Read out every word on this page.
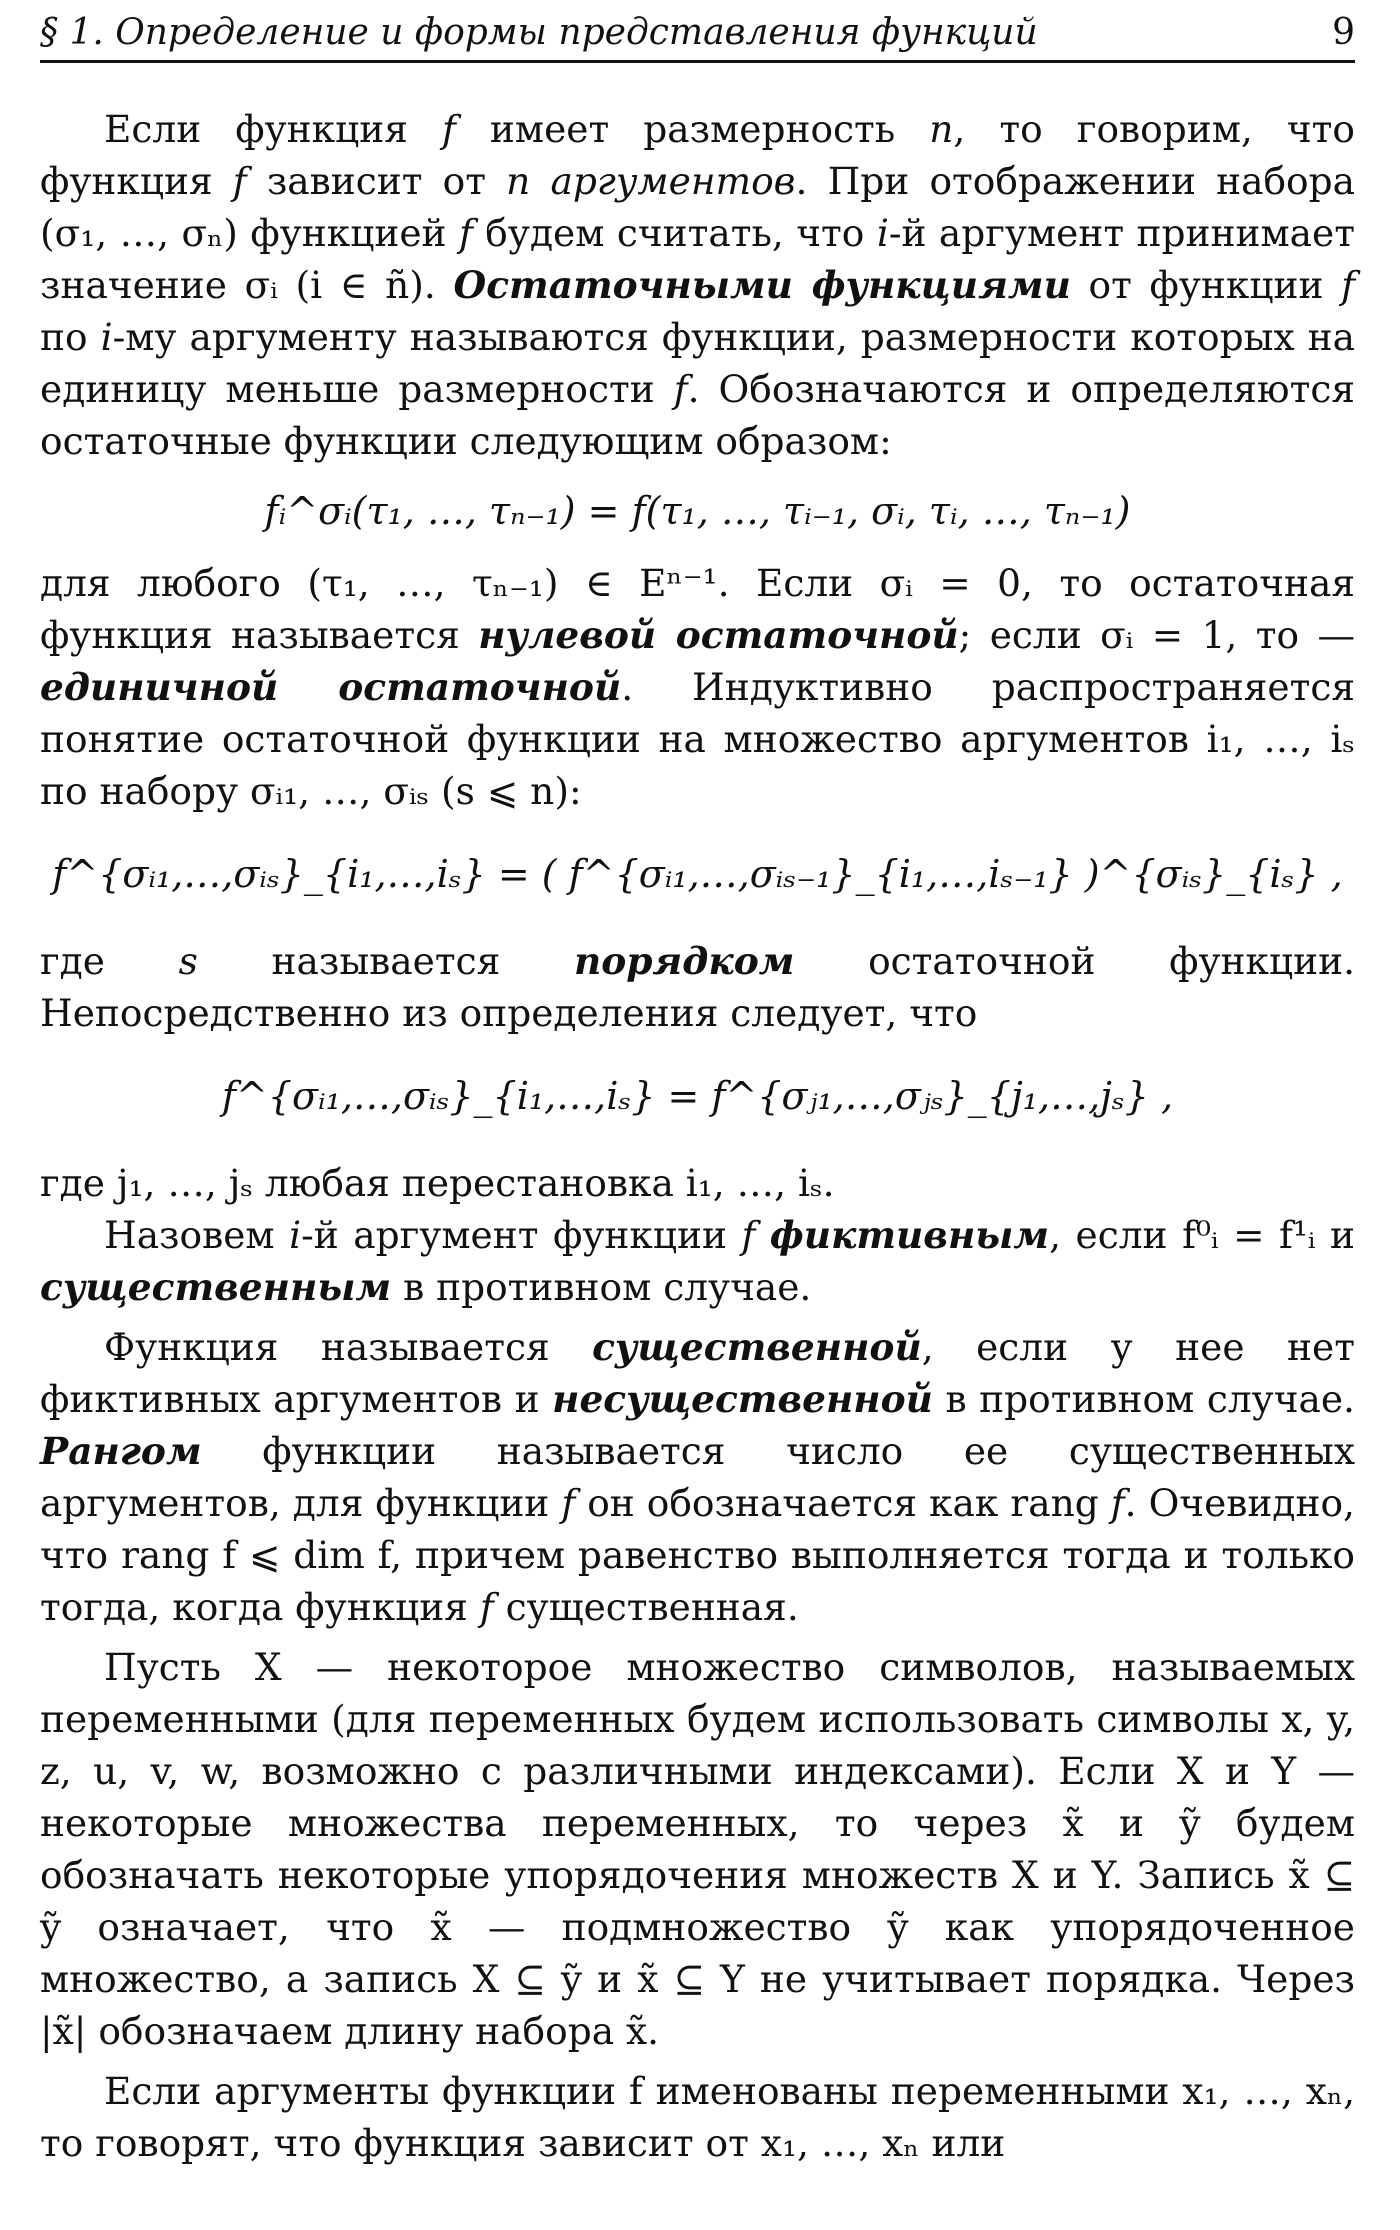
§ 1. Определение и формы представления функций	9

Если функция f имеет размерность n, то говорим, что функция f зависит от n аргументов. При отображении набора (σ₁, …, σₙ) функцией f будем считать, что i-й аргумент принимает значение σᵢ (i ∈ ñ). Остаточными функциями от функции f по i-му аргументу называются функции, размерности которых на единицу меньше размерности f. Обозначаются и определяются остаточные функции следующим образом:

fᵢ^σᵢ(τ₁, …, τₙ₋₁) = f(τ₁, …, τᵢ₋₁, σᵢ, τᵢ, …, τₙ₋₁)

для любого (τ₁, …, τₙ₋₁) ∈ Eⁿ⁻¹. Если σᵢ = 0, то остаточная функция называется нулевой остаточной; если σᵢ = 1, то — единичной остаточной. Индуктивно распространяется понятие остаточной функции на множество аргументов i₁, …, iₛ по набору σᵢ₁, …, σᵢₛ (s ⩽ n):

f^{σᵢ₁,…,σᵢₛ}_{i₁,…,iₛ} = ( f^{σᵢ₁,…,σᵢₛ₋₁}_{i₁,…,iₛ₋₁} )^{σᵢₛ}_{iₛ} ,

где s называется порядком остаточной функции. Непосредственно из определения следует, что

f^{σᵢ₁,…,σᵢₛ}_{i₁,…,iₛ} = f^{σⱼ₁,…,σⱼₛ}_{j₁,…,jₛ} ,

где j₁, …, jₛ любая перестановка i₁, …, iₛ.

Назовем i-й аргумент функции f фиктивным, если f⁰ᵢ = f¹ᵢ и существенным в противном случае.

Функция называется существенной, если у нее нет фиктивных аргументов и несущественной в противном случае. Рангом функции называется число ее существенных аргументов, для функции f он обозначается как rang f. Очевидно, что rang f ⩽ dim f, причем равенство выполняется тогда и только тогда, когда функция f существенная.

Пусть X — некоторое множество символов, называемых переменными (для переменных будем использовать символы x, y, z, u, v, w, возможно с различными индексами). Если X и Y — некоторые множества переменных, то через x̃ и ỹ будем обозначать некоторые упорядочения множеств X и Y. Запись x̃ ⊆ ỹ означает, что x̃ — подмножество ỹ как упорядоченное множество, а запись X ⊆ ỹ и x̃ ⊆ Y не учитывает порядка. Через |x̃| обозначаем длину набора x̃.

Если аргументы функции f именованы переменными x₁, …, xₙ, то говорят, что функция зависит от x₁, …, xₙ или
